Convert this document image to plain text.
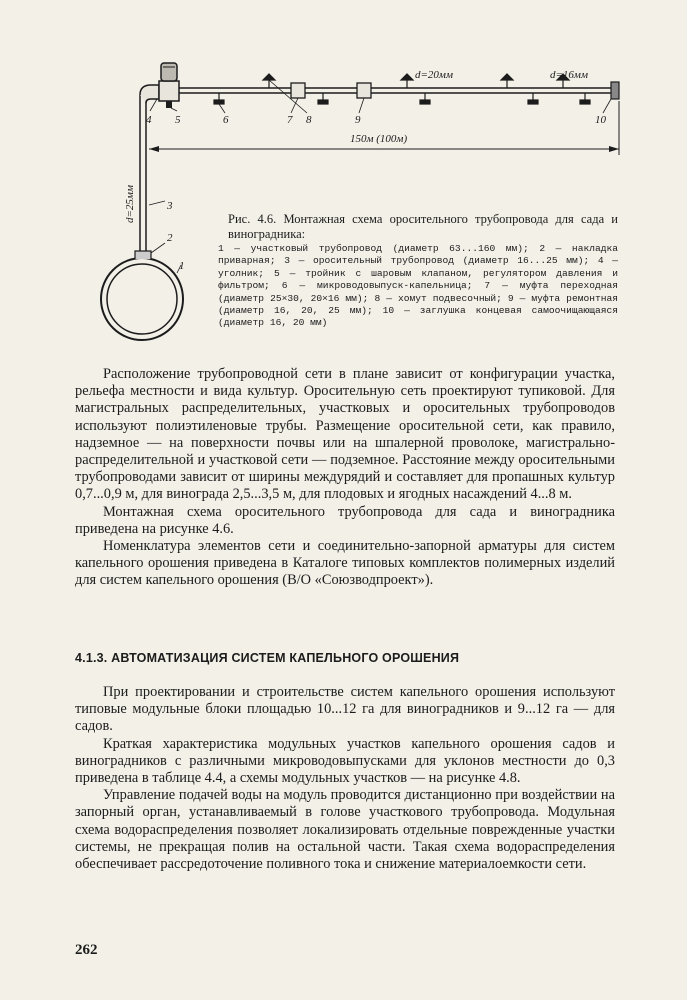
d=20мм	d=16мм
d=25мм
150м (100м)
1
2
3
4 5	6	7 8	9	10

Рис. 4.6. Монтажная схема оросительного трубопровода для сада и виноградника:

1 — участковый трубопровод (диаметр 63...160 мм); 2 — накладка приварная; 3 — оросительный трубопровод (диаметр 16...25 мм); 4 — уголник; 5 — тройник с шаровым клапаном, регулятором давления и фильтром; 6 — микроводовыпуск-капельница; 7 — муфта переходная (диаметр 25×30, 20×16 мм); 8 — хомут подвесочный; 9 — муфта ремонтная (диаметр 16, 20, 25 мм); 10 — заглушка концевая самоочищающаяся (диаметр 16, 20 мм)

Расположение трубопроводной сети в плане зависит от конфигурации участка, рельефа местности и вида культур. Оросительную сеть проектируют тупиковой. Для магистральных распределительных, участковых и оросительных трубопроводов используют полиэтиленовые трубы. Размещение оросительной сети, как правило, надземное — на поверхности почвы или на шпалерной проволоке, магистрально-распределительной и участковой сети — подземное. Расстояние между оросительными трубопроводами зависит от ширины междурядий и составляет для пропашных культур 0,7...0,9 м, для винограда 2,5...3,5 м, для плодовых и ягодных насаждений 4...8 м.

Монтажная схема оросительного трубопровода для сада и виноградника приведена на рисунке 4.6.

Номенклатура элементов сети и соединительно-запорной арматуры для систем капельного орошения приведена в Каталоге типовых комплектов полимерных изделий для систем капельного орошения (В/О «Союзводпроект»).

4.1.3. АВТОМАТИЗАЦИЯ СИСТЕМ КАПЕЛЬНОГО ОРОШЕНИЯ

При проектировании и строительстве систем капельного орошения используют типовые модульные блоки площадью 10...12 га для виноградников и 9...12 га — для садов.

Краткая характеристика модульных участков капельного орошения садов и виноградников с различными микроводовыпусками для уклонов местности до 0,3 приведена в таблице 4.4, а схемы модульных участков — на рисунке 4.8.

Управление подачей воды на модуль проводится дистанционно при воздействии на запорный орган, устанавливаемый в голове участкового трубопровода. Модульная схема водораспределения позволяет локализировать отдельные поврежденные участки системы, не прекращая полив на остальной части. Такая схема водораспределения обеспечивает рассредоточение поливного тока и снижение материалоемкости сети.

262
